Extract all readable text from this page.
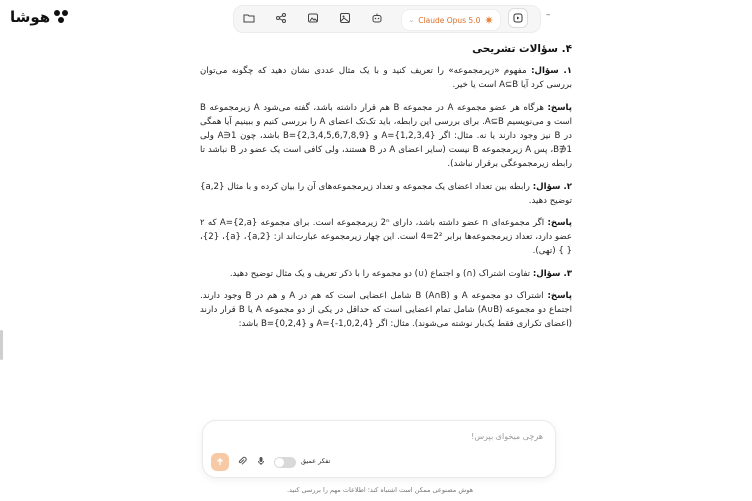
هوشا	⌄ Claude Opus 5.0 ✷	–
۴. سؤالات تشریحی
۱. سؤال: مفهوم «زیرمجموعه» را تعریف کنید و با یک مثال عددی نشان دهید که چگونه می‌توان بررسی کرد آیا A⊆B است یا خیر.
پاسخ: هرگاه هر عضو مجموعه A در مجموعه B هم قرار داشته باشد، گفته می‌شود A زیرمجموعه B است و می‌نویسیم A⊆B. برای بررسی این رابطه، باید تک‌تک اعضای A را بررسی کنیم و ببینیم آیا همگی در B نیز وجود دارند یا نه. مثال: اگر A={1,2,3,4} و B={2,3,4,5,6,7,8,9} باشد، چون A∋1 ولی B∌1، پس A زیرمجموعه B نیست (سایر اعضای A در B هستند، ولی کافی است یک عضو در B نباشد تا رابطه زیرمجموعگی برقرار نباشد).
۲. سؤال: رابطه بین تعداد اعضای یک مجموعه و تعداد زیرمجموعه‌های آن را بیان کرده و با مثال {a,2} توضیح دهید.
پاسخ: اگر مجموعه‌ای n عضو داشته باشد، دارای 2ⁿ زیرمجموعه است. برای مجموعه A={2,a} که ۲ عضو دارد، تعداد زیرمجموعه‌ها برابر 2²=4 است. این چهار زیرمجموعه عبارت‌اند از: {a,2}، {a}، {2}، { } (تهی).
۳. سؤال: تفاوت اشتراک (∩) و اجتماع (∪) دو مجموعه را با ذکر تعریف و یک مثال توضیح دهید.
پاسخ: اشتراک دو مجموعه A و B (A∩B) شامل اعضایی است که هم در A و هم در B وجود دارند. اجتماع دو مجموعه (A∪B) شامل تمام اعضایی است که حداقل در یکی از دو مجموعه A یا B قرار دارند (اعضای تکراری فقط یک‌بار نوشته می‌شوند). مثال: اگر A={-1,0,2,4} و B={0,2,4} باشد:
هرچی میخوای بپرس!
تفکر عمیق
هوش مصنوعی ممکن است اشتباه کند؛ اطلاعات مهم را بررسی کنید.
